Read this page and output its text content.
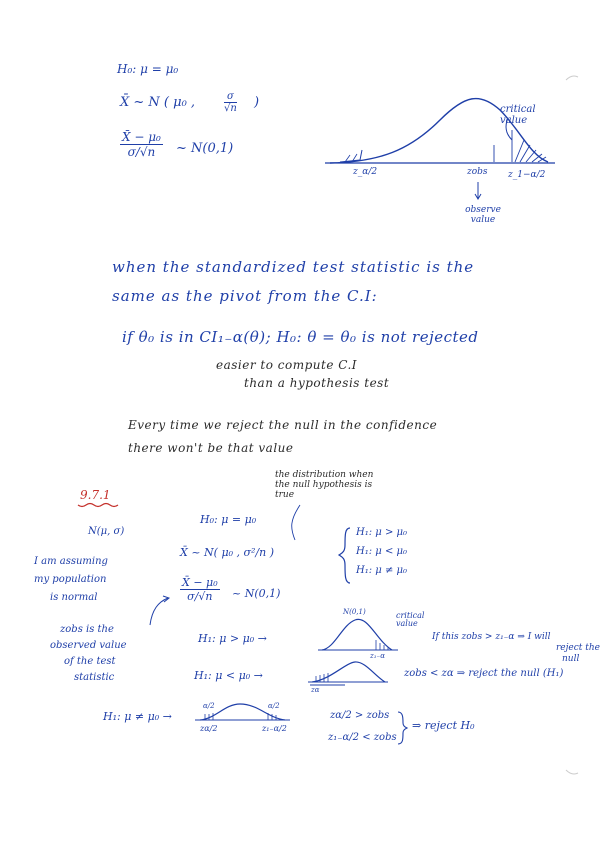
H₀: μ = μ₀
X̄ ~ N ( μ₀ ,	$\frac{\sigma}{√n}$ )
$\frac{\text{X̄ − μ₀}}{\sigma/√n}$ ~ N(0,1)
critical value
z_α/2	zobs z_1−α/2
observe value
when the standardized test statistic is the
same as the pivot from the C.I:
if θ₀ is in CI₁₋α(θ); H₀: θ = θ₀ is not rejected
easier to compute C.I
than a hypothesis test
Every time we reject the null in the confidence
there won't be that value
9.7.1
the distribution when the null hypothesis is true
N(μ, σ)
I am assuming
my population
is normal
zobs is the
observed value
of the test
statistic
H₀: μ = μ₀
X̄ ~ N( μ₀ , σ²/n )
$\frac{\text{X̄ − μ₀}}{\sigma/√n}$ ~ N(0,1)
H₁: μ > μ₀
H₁: μ < μ₀
H₁: μ ≠ μ₀
H₁: μ > μ₀ →
H₁: μ < μ₀ →
H₁: μ ≠ μ₀ →
N(0,1)	critical value
z₁₋α
zα
α/2	α/2
zα/2	z₁₋α/2
If this zobs > z₁₋α ⇒ I will
reject the
null
zobs < zα ⇒ reject the null (H₁)
zα/2 > zobs
z₁₋α/2 < zobs
⇒ reject H₀
